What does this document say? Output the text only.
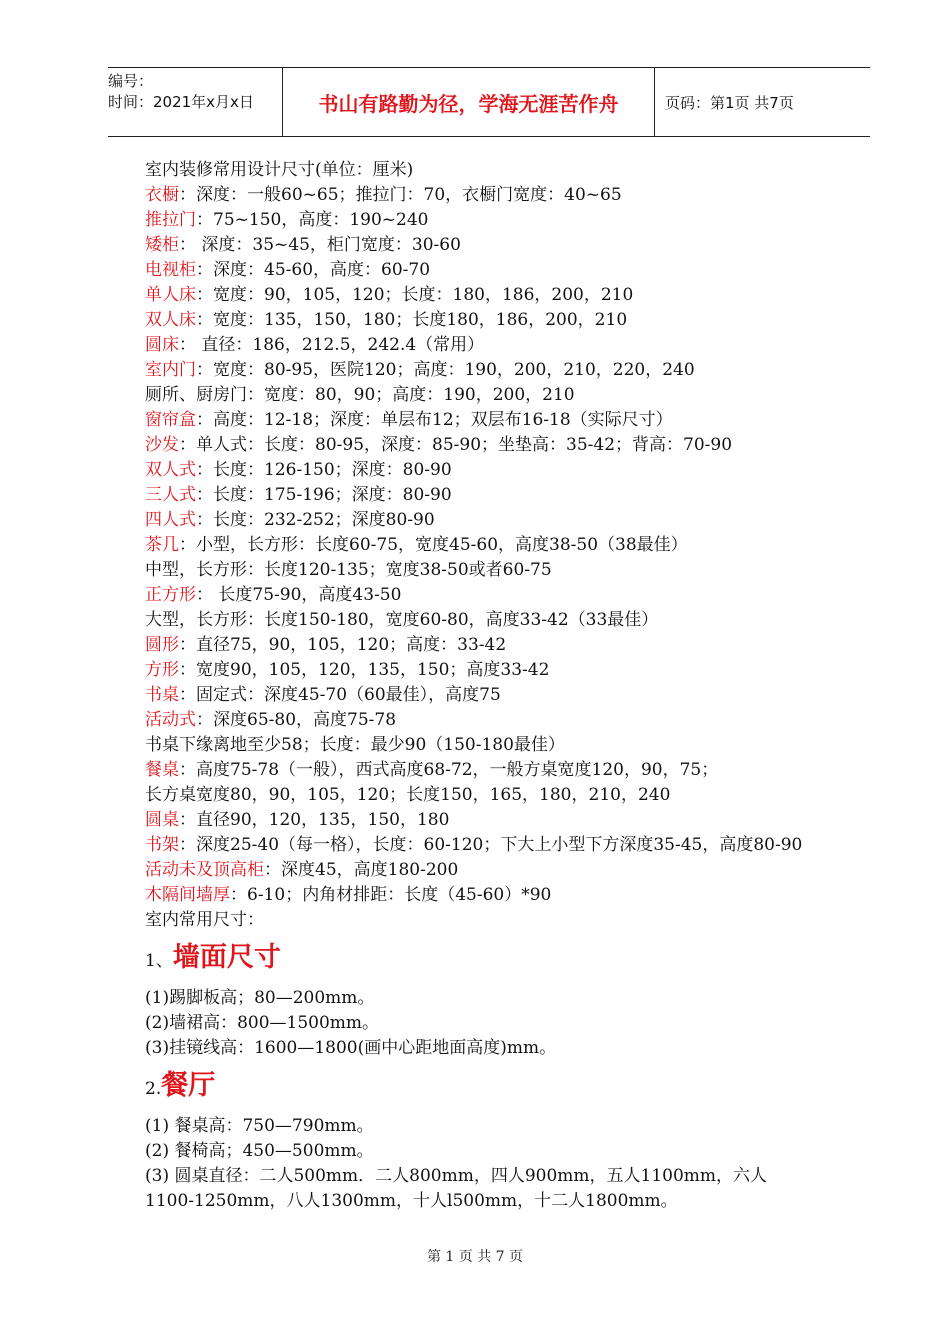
编号：
时间：2021年x月x日	书山有路勤为径，学海无涯苦作舟	页码：第1页 共7页
室内装修常用设计尺寸(单位：厘米)
衣橱：深度：一般60~65；推拉门：70，衣橱门宽度：40~65
推拉门：75~150，高度：190~240
矮柜： 深度：35~45，柜门宽度：30-60
电视柜：深度：45-60，高度：60-70
单人床：宽度：90，105，120；长度：180，186，200，210
双人床：宽度：135，150，180；长度180，186，200，210
圆床： 直径：186，212.5，242.4（常用）
室内门：宽度：80-95，医院120；高度：190，200，210，220，240
厕所、厨房门：宽度：80，90；高度：190，200，210
窗帘盒：高度：12-18；深度：单层布12；双层布16-18（实际尺寸）
沙发：单人式：长度：80-95，深度：85-90；坐垫高：35-42；背高：70-90
双人式：长度：126-150；深度：80-90
三人式：长度：175-196；深度：80-90
四人式：长度：232-252；深度80-90
茶几：小型，长方形：长度60-75，宽度45-60，高度38-50（38最佳）
中型，长方形：长度120-135；宽度38-50或者60-75
正方形： 长度75-90，高度43-50
大型，长方形：长度150-180，宽度60-80，高度33-42（33最佳）
圆形：直径75，90，105，120；高度：33-42
方形：宽度90，105，120，135，150；高度33-42
书桌：固定式：深度45-70（60最佳），高度75
活动式：深度65-80，高度75-78
书桌下缘离地至少58；长度：最少90（150-180最佳）
餐桌：高度75-78（一般），西式高度68-72，一般方桌宽度120，90，75；
长方桌宽度80，90，105，120；长度150，165，180，210，240
圆桌：直径90，120，135，150，180
书架：深度25-40（每一格），长度：60-120；下大上小型下方深度35-45，高度80-90
活动未及顶高柜：深度45，高度180-200
木隔间墙厚：6-10；内角材排距：长度（45-60）*90
室内常用尺寸：
1、墙面尺寸
(1)踢脚板高；80—200mm。
(2)墙裙高：800—1500mm。
(3)挂镜线高：1600—1800(画中心距地面高度)mm。
2.餐厅
(1) 餐桌高：750—790mm。
(2) 餐椅高；450—500mm。
(3) 圆桌直径：二人500mm．二人800mm，四人900mm，五人1100mm，六人1100-1250mm，八人1300mm，十人l500mm，十二人1800mm。
第 1 页 共 7 页
